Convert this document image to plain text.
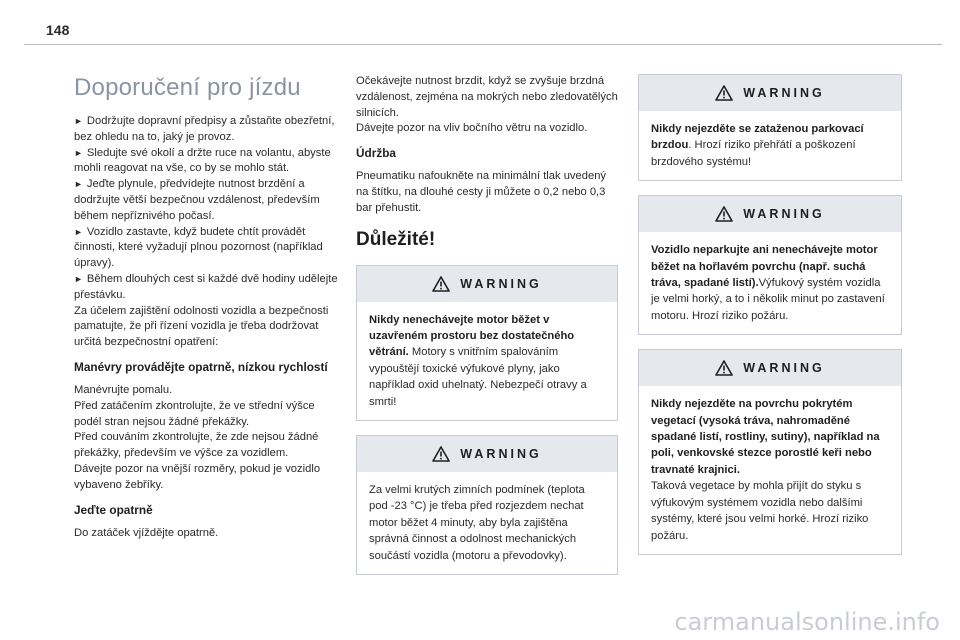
148
Doporučení pro jízdu

► Dodržujte dopravní předpisy a zůstaňte obezřetní, bez ohledu na to, jaký je provoz.
► Sledujte své okolí a držte ruce na volantu, abyste mohli reagovat na vše, co by se mohlo stát.
► Jeďte plynule, předvídejte nutnost brzdění a dodržujte větší bezpečnou vzdálenost, především během nepříznivého počasí.
► Vozidlo zastavte, když budete chtít provádět činnosti, které vyžadují plnou pozornost (například úpravy).
► Během dlouhých cest si každé dvě hodiny udělejte přestávku.
Za účelem zajištění odolnosti vozidla a bezpečnosti pamatujte, že při řízení vozidla je třeba dodržovat určitá bezpečnostní opatření:

Manévry provádějte opatrně, nízkou rychlostí

Manévrujte pomalu.
Před zatáčením zkontrolujte, že ve střední výšce podél stran nejsou žádné překážky.
Před couváním zkontrolujte, že zde nejsou žádné překážky, především ve výšce za vozidlem.
Dávejte pozor na vnější rozměry, pokud je vozidlo vybaveno žebříky.

Jeďte opatrně

Do zatáček vjíždějte opatrně.

Očekávejte nutnost brzdit, když se zvyšuje brzdná vzdálenost, zejména na mokrých nebo zledovatělých silnicích.
Dávejte pozor na vliv bočního větru na vozidlo.

Údržba

Pneumatiku nafoukněte na minimální tlak uvedený na štítku, na dlouhé cesty ji můžete o 0,2 nebo 0,3 bar přehustit.

Důležité!
WARNING
Nikdy nenechávejte motor běžet v uzavřeném prostoru bez dostatečného větrání. Motory s vnitřním spalováním vypouštějí toxické výfukové plyny, jako například oxid uhelnatý. Nebezpečí otravy a smrti!
WARNING
Za velmi krutých zimních podmínek (teplota pod -23 °C) je třeba před rozjezdem nechat motor běžet 4 minuty, aby byla zajištěna správná činnost a odolnost mechanických součástí vozidla (motoru a převodovky).
WARNING
Nikdy nejezděte se zataženou parkovací brzdou. Hrozí riziko přehřátí a poškození brzdového systému!
WARNING
Vozidlo neparkujte ani nenechávejte motor běžet na hořlavém povrchu (např. suchá tráva, spadané listí).Výfukový systém vozidla je velmi horký, a to i několik minut po zastavení motoru. Hrozí riziko požáru.
WARNING
Nikdy nejezděte na povrchu pokrytém vegetací (vysoká tráva, nahromaděné spadané listí, rostliny, sutiny), například na poli, venkovské stezce porostlé keři nebo travnaté krajnici.
Taková vegetace by mohla přijít do styku s výfukovým systémem vozidla nebo dalšími systémy, které jsou velmi horké. Hrozí riziko požáru.
carmanualsonline.info
